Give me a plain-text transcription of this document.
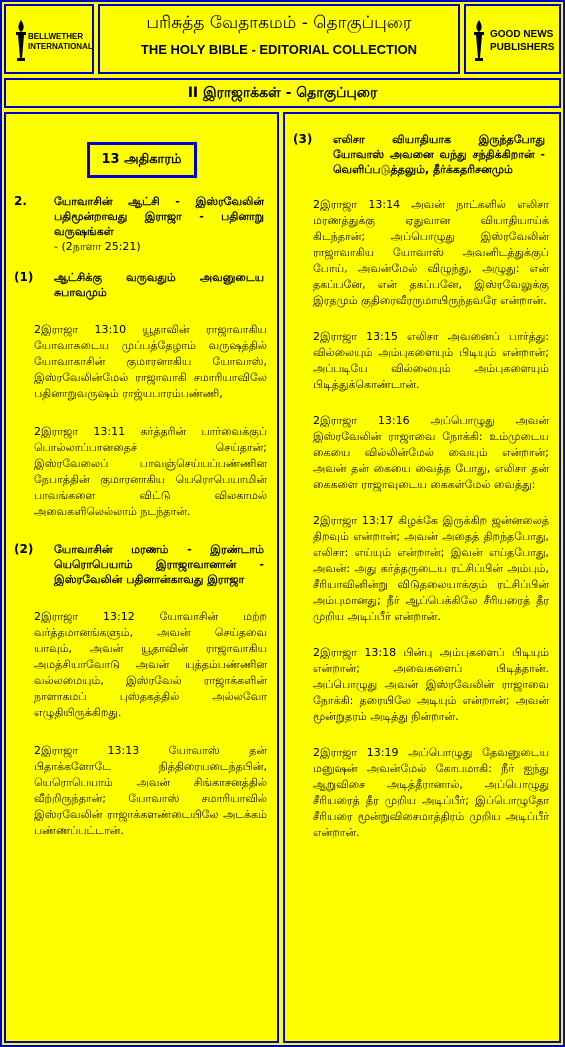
BELLWETHER
INTERNATIONAL
பரிசுத்த வேதாகமம் - தொகுப்புரை
THE HOLY BIBLE - EDITORIAL COLLECTION
GOOD NEWS
PUBLISHERS
II இராஜாக்கள் - தொகுப்புரை
13 அதிகாரம்
2.	யோவாசின் ஆட்சி - இஸ்ரவேலின் பதிமூன்றாவது இராஜா - பதினாறு வருஷங்கள்
- (2நாளா 25:21)
(1)	ஆட்சிக்கு வருவதும் அவனுடைய சுபாவமும்

2இராஜா 13:10 யூதாவின் ராஜாவாகிய யோவாசுடைய முப்பத்தேழாம் வருஷத்தில் யோவாகாசின் குமாரனாகிய யோவாஸ், இஸ்ரவேலின்மேல் ராஜாவாகி சமாரியாவிலே பதினாறுவருஷம் ராஜ்யபாரம்பண்ணி,

2இராஜா 13:11 கர்த்தரின் பார்வைக்குப் பொல்லாப்பானதைச் செய்தான்; இஸ்ரவேலைப் பாவஞ்செய்யப்பண்ணின நேபாத்தின் குமாரனாகிய யெரொபெயாமின் பாவங்களை விட்டு விலகாமல் அவைகளிலெல்லாம் நடந்தான்.

(2)	யோவாசின் மரணம் - இரண்டாம் யெரொபெயாம் இராஜாவானான் - இஸ்ரவேலின் பதினான்காவது இராஜா

2இராஜா 13:12 யோவாசின் மற்ற வர்த்தமானங்களும், அவன் செய்தவை யாவும், அவன் யூதாவின் ராஜாவாகிய அமத்சியாவோடு அவன் யுத்தம்பண்ணின வல்லமையும், இஸ்ரவேல் ராஜாக்களின் நாளாகமப் புஸ்தகத்தில் அல்லவோ எழுதியிருக்கிறது.

2இராஜா 13:13 யோவாஸ் தன் பிதாக்களோடே நித்திரையடைந்தபின், யெரொபெயாம் அவன் சிங்காசனத்தில் வீற்றிருந்தான்; யோவாஸ் சமாரியாவில் இஸ்ரவேலின் ராஜாக்களண்டையிலே அடக்கம் பண்ணப்பட்டான்.

(3)	எலிசா வியாதியாக இருந்தபோது யோவாஸ் அவனை வந்து சந்திக்கிறான் - வெளிப்படுத்தலும், தீர்க்கதரிசனமும்

2இராஜா 13:14 அவன் நாட்களில் எலிசா மரணத்துக்கு ஏதுவான வியாதியாய்க் கிடந்தான்; அப்பொழுது இஸ்ரவேலின் ராஜாவாகிய யோவாஸ் அவனிடத்துக்குப் போய், அவன்மேல் விழுந்து, அழுது: என் தகப்பனே, என் தகப்பனே, இஸ்ரவேலுக்கு இரதமும் குதிரைவீரருமாயிருந்தவரே என்றான்.

2இராஜா 13:15 எலிசா அவனைப் பார்த்து: வில்லையும் அம்புகளையும் பிடியும் என்றான்; அப்படியே வில்லையும் அம்புகளையும் பிடித்துக்கொண்டான்.

2இராஜா 13:16 அப்பொழுது அவன் இஸ்ரவேலின் ராஜாவை நோக்கி: உம்முடைய கையை வில்லின்மேல் வையும் என்றான்; அவன் தன் கையை வைத்த போது, எலிசா தன் கைகளை ராஜாவுடைய கைகள்மேல் வைத்து:

2இராஜா 13:17 கிழக்கே இருக்கிற ஜன்னலைத் திறவும் என்றான்; அவன் அதைத் திறந்தபோது, எலிசா: எய்யும் என்றான்; இவன் எய்தபோது, அவன்: அது கர்த்தருடைய ரட்சிப்பின் அம்பும், சீரியாவினின்று விடுதலையாக்கும் ரட்சிப்பின் அம்புமானது; நீர் ஆப்பெக்கிலே சீரியரைத் தீர முறிய அடிப்பீர் என்றான்.

2இராஜா 13:18 பின்பு அம்புகளைப் பிடியும் என்றான்; அவைகளைப் பிடித்தான். அப்பொழுது அவன் இஸ்ரவேலின் ராஜாவை நோக்கி: தரையிலே அடியும் என்றான்; அவன் மூன்றுதரம் அடித்து நின்றான்.

2இராஜா 13:19 அப்பொழுது தேவனுடைய மனுஷன் அவன்மேல் கோபமாகி: நீர் ஐந்து ஆறுவிசை அடித்தீரானால், அப்பொழுது சீரியரைத் தீர முறிய அடிப்பீர்; இப்பொழுதோ சீரியரை மூன்றுவிசைமாத்திரம் முறிய அடிப்பீர் என்றான்.
